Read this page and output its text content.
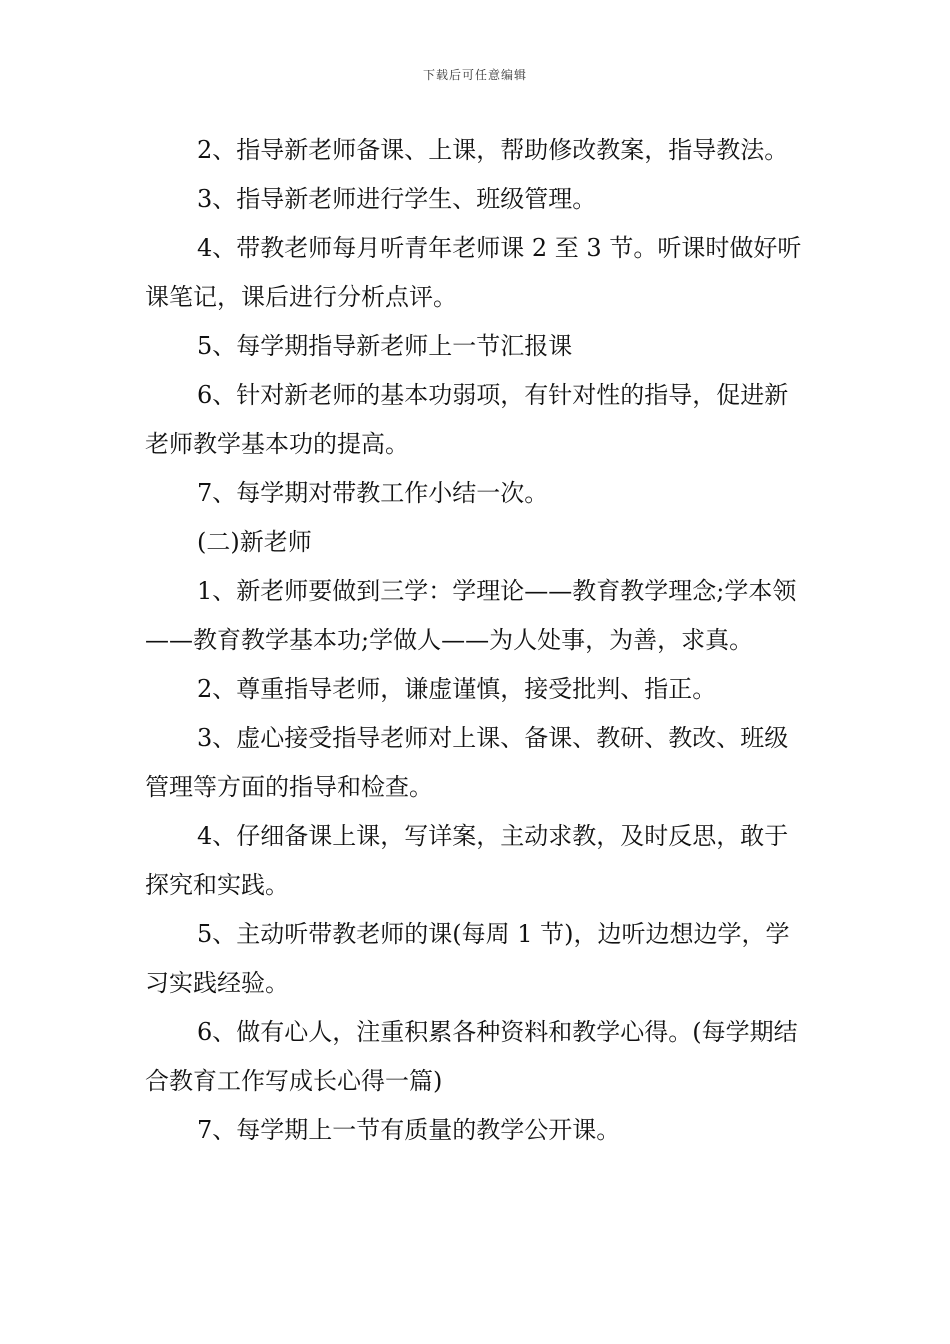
下载后可任意编辑

2、指导新老师备课、上课，帮助修改教案，指导教法。

3、指导新老师进行学生、班级管理。

4、带教老师每月听青年老师课 2 至 3 节。听课时做好听课笔记，课后进行分析点评。

5、每学期指导新老师上一节汇报课

6、针对新老师的基本功弱项，有针对性的指导，促进新老师教学基本功的提高。

7、每学期对带教工作小结一次。

(二)新老师

1、新老师要做到三学：学理论——教育教学理念;学本领——教育教学基本功;学做人——为人处事，为善，求真。

2、尊重指导老师，谦虚谨慎，接受批判、指正。

3、虚心接受指导老师对上课、备课、教研、教改、班级管理等方面的指导和检查。

4、仔细备课上课，写详案，主动求教，及时反思，敢于探究和实践。

5、主动听带教老师的课(每周 1 节)，边听边想边学，学习实践经验。

6、做有心人，注重积累各种资料和教学心得。(每学期结合教育工作写成长心得一篇)

7、每学期上一节有质量的教学公开课。
